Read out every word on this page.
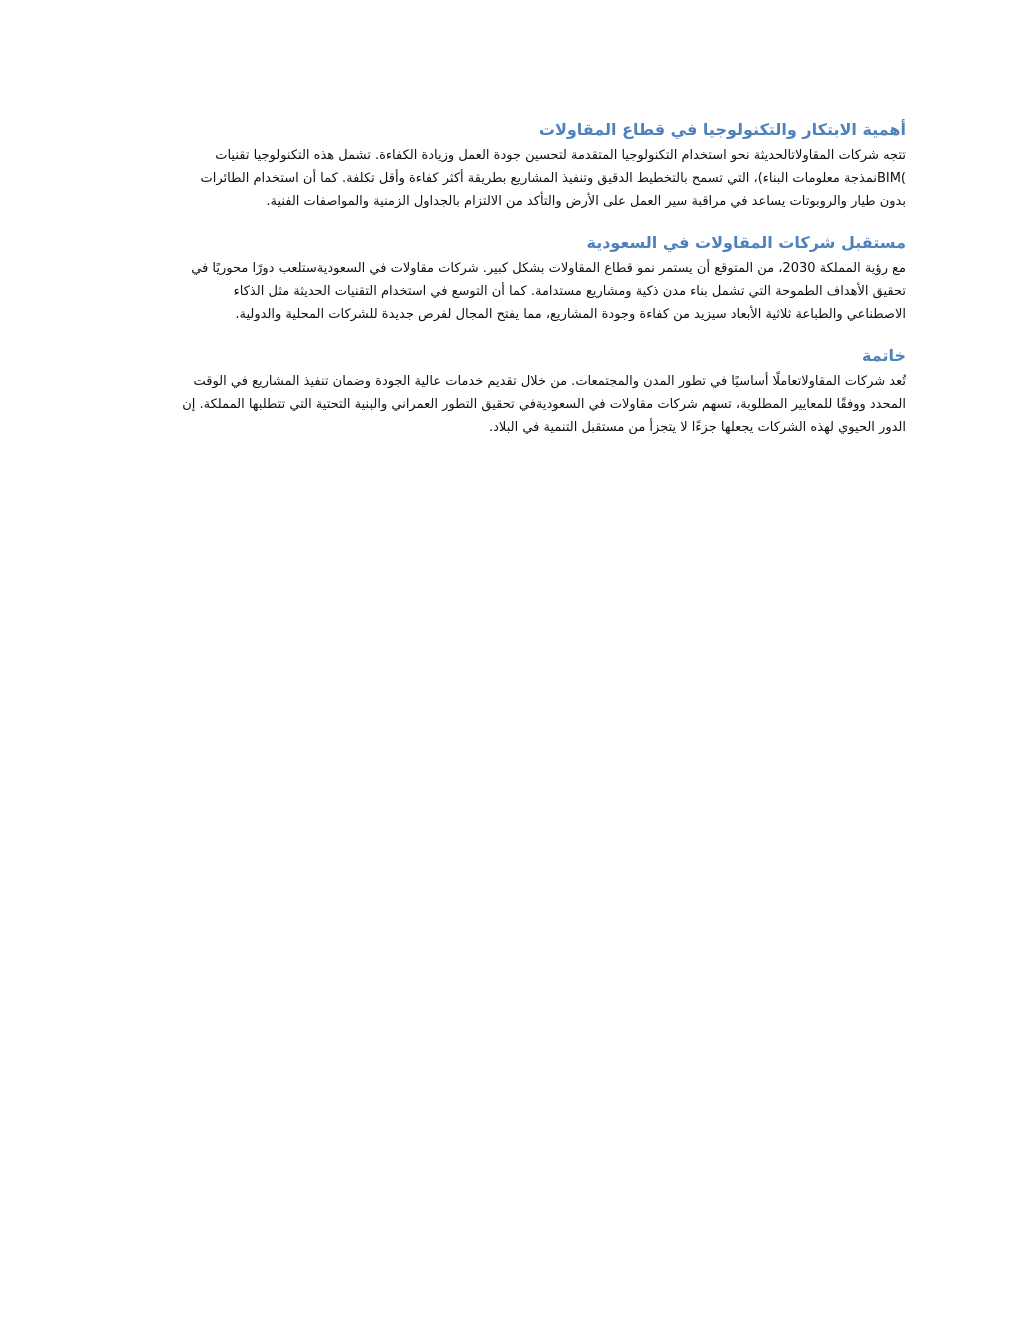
أهمية الابتكار والتكنولوجيا في قطاع المقاولات
تتجه شركات المقاولاتالحديثة نحو استخدام التكنولوجيا المتقدمة لتحسين جودة العمل وزيادة الكفاءة. تشمل هذه التكنولوجيا تقنيات
)BIMنمذجة معلومات البناء)، التي تسمح بالتخطيط الدقيق وتنفيذ المشاريع بطريقة أكثر كفاءة وأقل تكلفة. كما أن استخدام الطائرات
بدون طيار والروبوتات يساعد في مراقبة سير العمل على الأرض والتأكد من الالتزام بالجداول الزمنية والمواصفات الفنية.
مستقبل شركات المقاولات في السعودية
مع رؤية المملكة 2030، من المتوقع أن يستمر نمو قطاع المقاولات بشكل كبير. شركات مقاولات في السعوديةستلعب دورًا محوريًا في
تحقيق الأهداف الطموحة التي تشمل بناء مدن ذكية ومشاريع مستدامة. كما أن التوسع في استخدام التقنيات الحديثة مثل الذكاء
الاصطناعي والطباعة ثلاثية الأبعاد سيزيد من كفاءة وجودة المشاريع، مما يفتح المجال لفرص جديدة للشركات المحلية والدولية.
خاتمة
تُعد شركات المقاولاتعاملًا أساسيًا في تطور المدن والمجتمعات. من خلال تقديم خدمات عالية الجودة وضمان تنفيذ المشاريع في الوقت
المحدد ووفقًا للمعايير المطلوبة، تسهم شركات مقاولات في السعوديةفي تحقيق التطور العمراني والبنية التحتية التي تتطلبها المملكة. إن
الدور الحيوي لهذه الشركات يجعلها جزءًا لا يتجزأ من مستقبل التنمية في البلاد.
